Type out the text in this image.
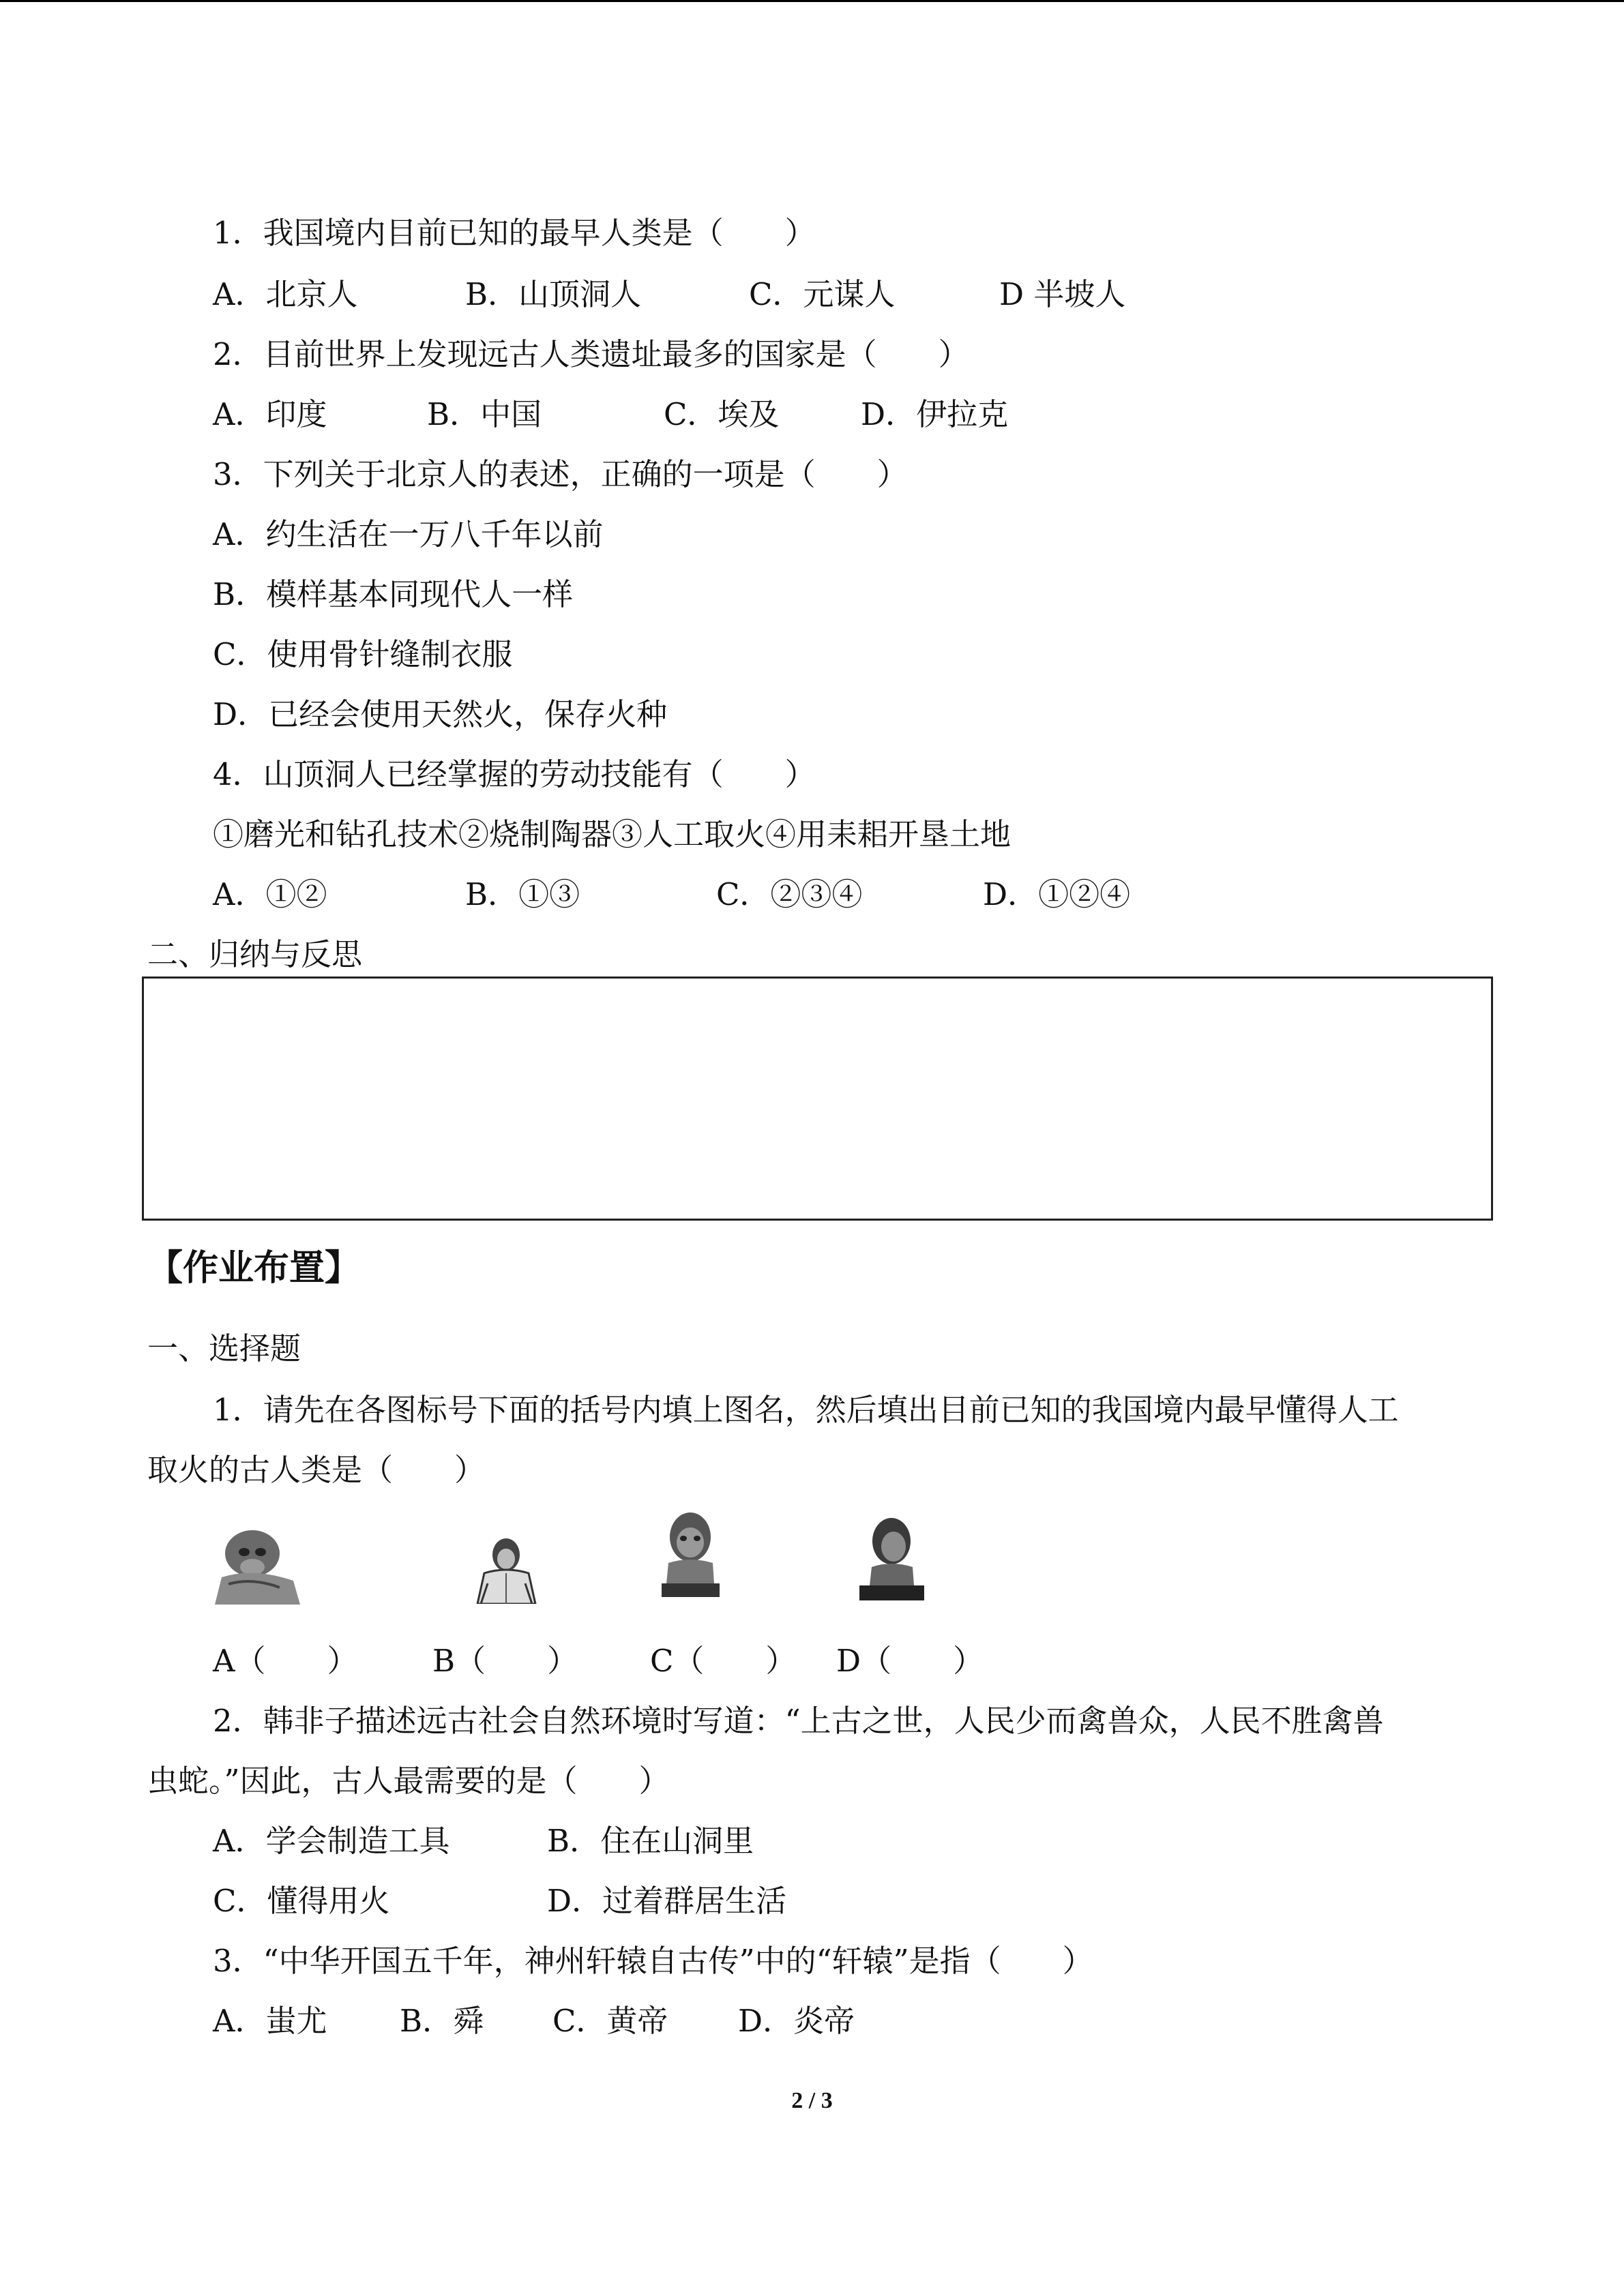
1．我国境内目前已知的最早人类是（　　）
A．北京人	B．山顶洞人	C．元谋人	D 半坡人
2．目前世界上发现远古人类遗址最多的国家是（　　）
A．印度	B．中国	C．埃及	D．伊拉克
3．下列关于北京人的表述，正确的一项是（　　）
A．约生活在一万八千年以前
B．模样基本同现代人一样
C．使用骨针缝制衣服
D．已经会使用天然火，保存火种
4．山顶洞人已经掌握的劳动技能有（　　）
①磨光和钻孔技术②烧制陶器③人工取火④用耒耜开垦土地
A．①②	B．①③	C．②③④	D．①②④
二、归纳与反思
【作业布置】
一、选择题
1．请先在各图标号下面的括号内填上图名，然后填出目前已知的我国境内最早懂得人工
取火的古人类是（　　）
A（　　） B（　　） C（　　） D（　　）
2．韩非子描述远古社会自然环境时写道：“上古之世，人民少而禽兽众，人民不胜禽兽
虫蛇。”因此，古人最需要的是（　　）
A．学会制造工具	B．住在山洞里
C．懂得用火	D．过着群居生活
3．“中华开国五千年，神州轩辕自古传”中的“轩辕”是指（　　）
A．蚩尤 B．舜 C．黄帝 D．炎帝
2 / 3
